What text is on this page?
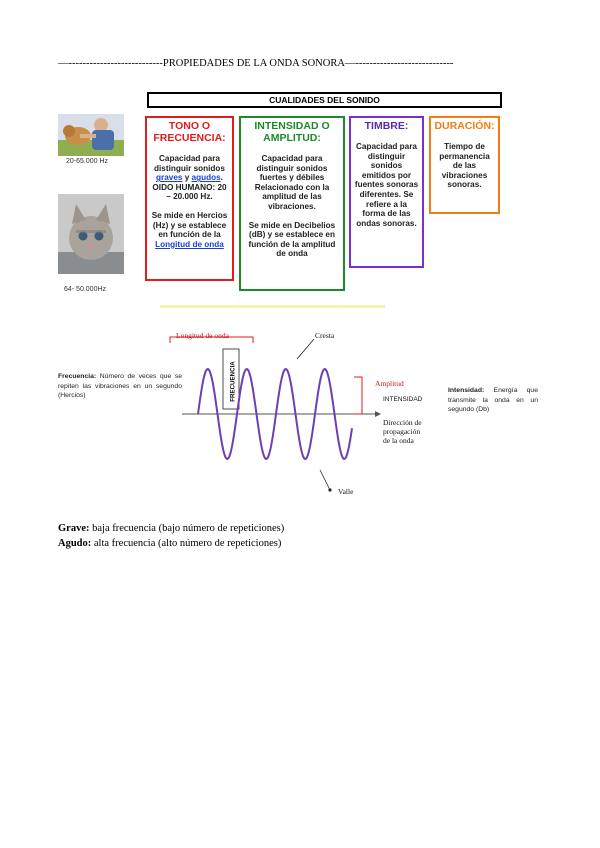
—---------------------------PROPIEDADES DE LA ONDA SONORA—----------------------------
CUALIDADES DEL SONIDO
20-65.000 Hz
64- 50.000Hz
TONO O FRECUENCIA:

Capacidad para distinguir sonidos graves y agudos. OIDO HUMANO: 20 – 20.000 Hz.

Se mide en Hercios (Hz) y se establece en función de la Longitud de onda

INTENSIDAD O AMPLITUD:

Capacidad para distinguir sonidos fuertes y débiles Relacionado con la amplitud de las vibraciones.

Se mide en Decibelios (dB) y se establece en función de la amplitud de onda

TIMBRE:

Capacidad para distinguir sonidos emitidos por fuentes sonoras diferentes. Se refiere a la forma de las ondas sonoras.

DURACIÓN:

Tiempo de permanencia de las vibraciones sonoras.

Longitud de onda
FRECUENCIA
Cresta
Amplitud
INTENSIDAD
Dirección de
propagación
de la onda
Valle
Frecuencia: Número de veces que se repiten las vibraciones en un segundo (Hercios)
Intensidad: Energía que transmite la onda en un segundo (Db)
Grave: baja frecuencia (bajo número de repeticiones)
Agudo: alta frecuencia (alto número de repeticiones)
